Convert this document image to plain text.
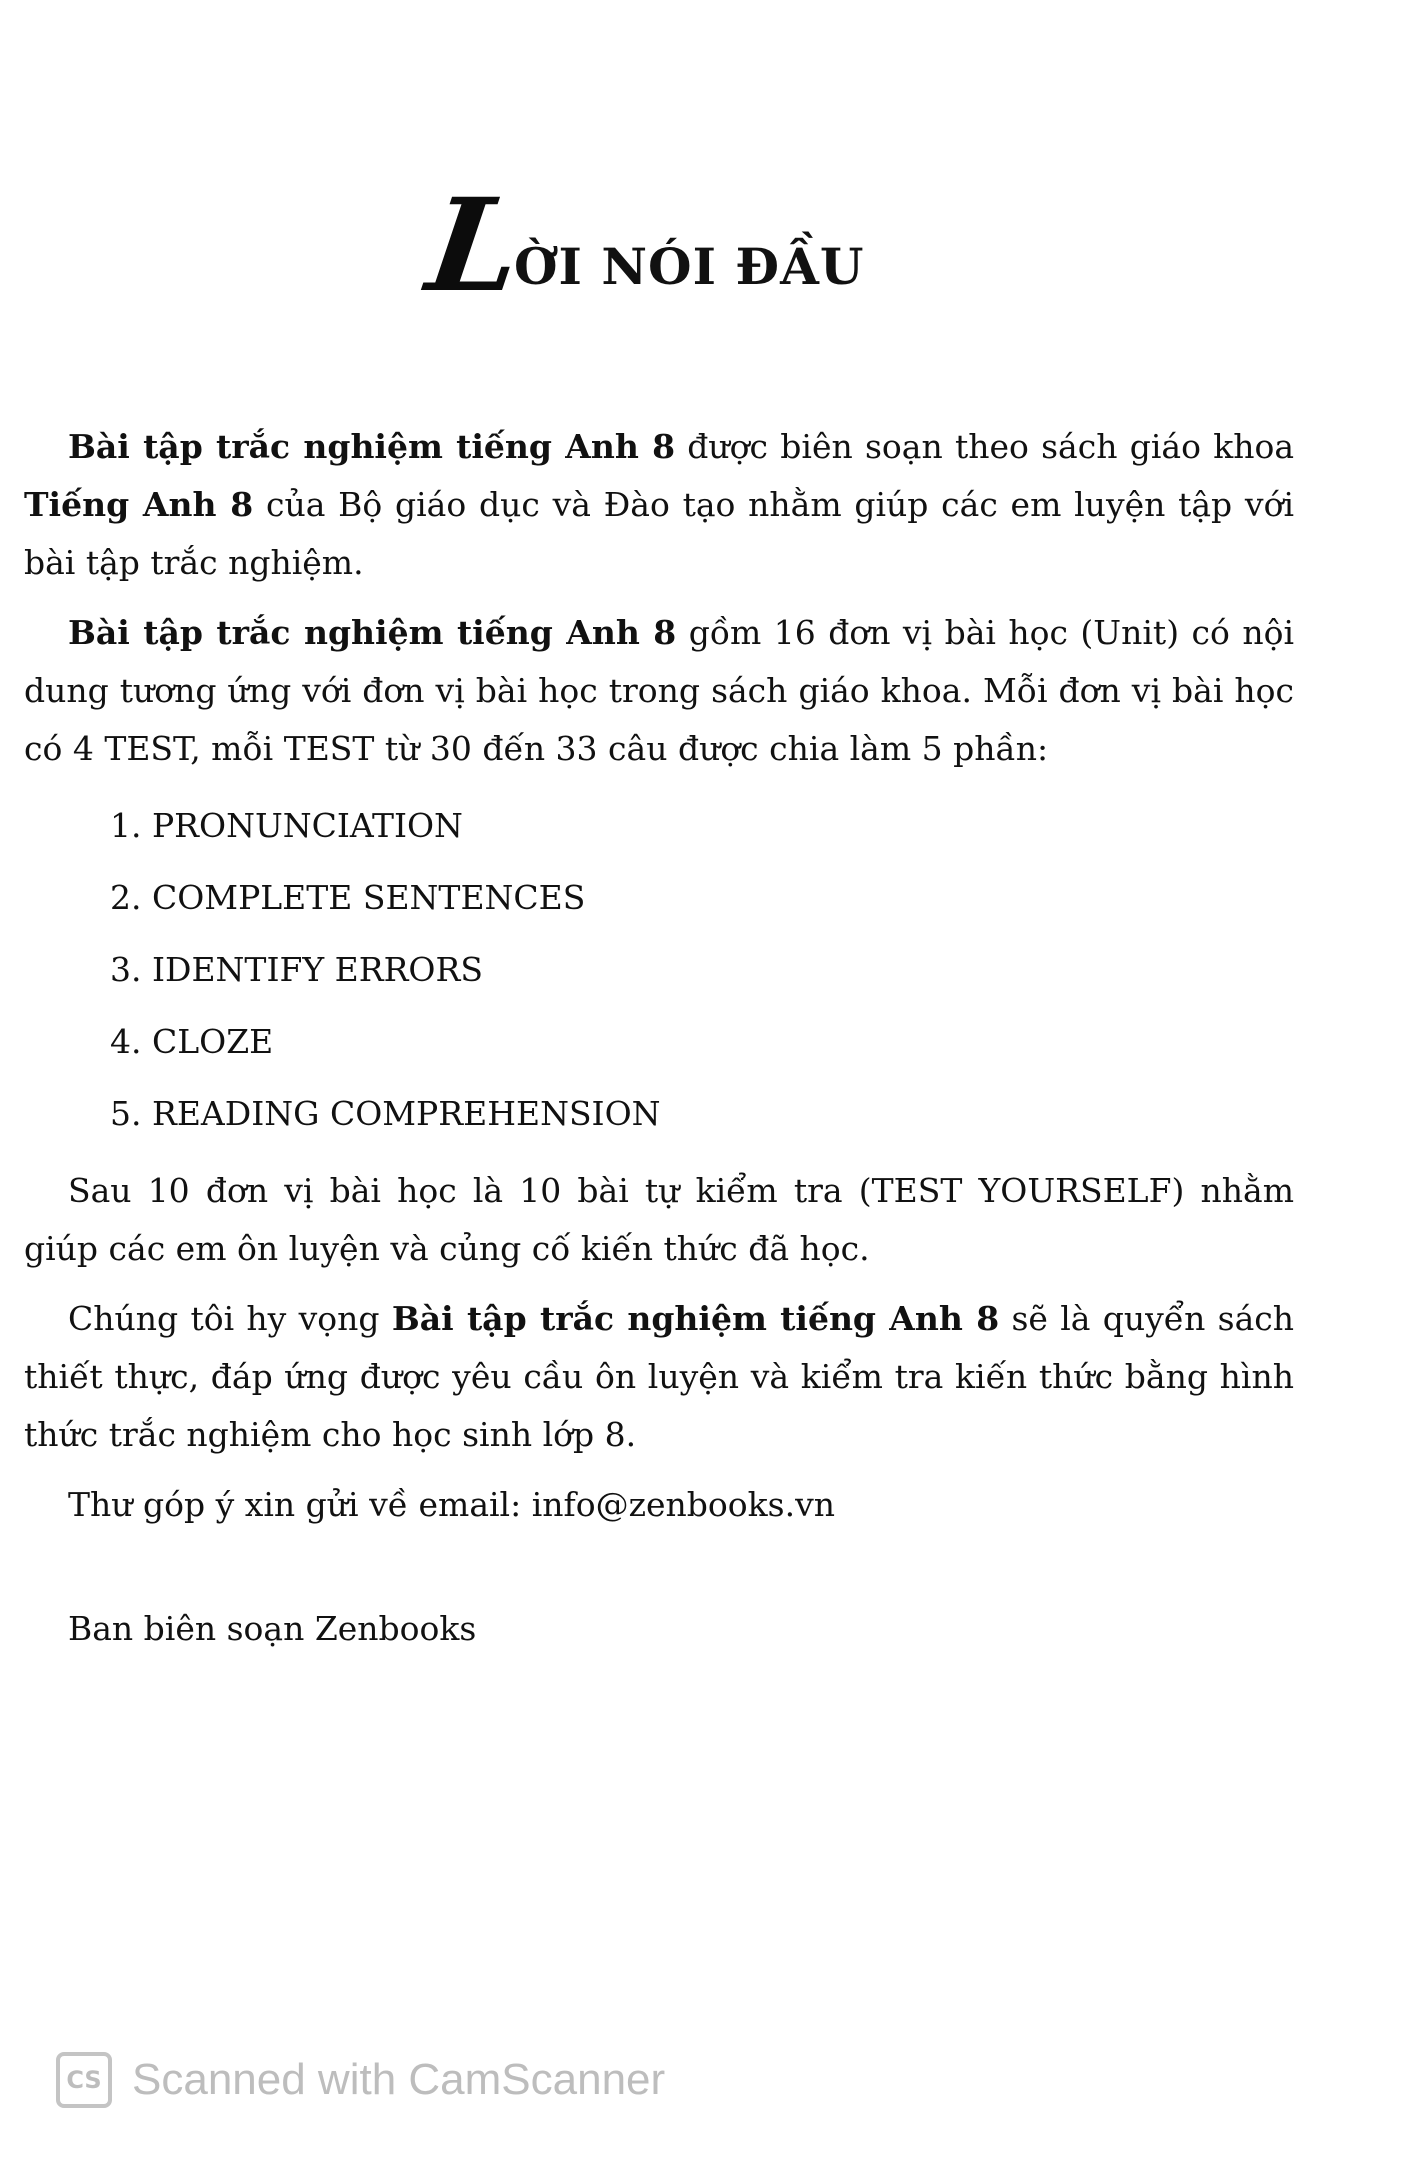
L
ỜI NÓI ĐẦU

Bài tập trắc nghiệm tiếng Anh 8 được biên soạn theo sách giáo khoa Tiếng Anh 8 của Bộ giáo dục và Đào tạo nhằm giúp các em luyện tập với bài tập trắc nghiệm.

Bài tập trắc nghiệm tiếng Anh 8 gồm 16 đơn vị bài học (Unit) có nội dung tương ứng với đơn vị bài học trong sách giáo khoa. Mỗi đơn vị bài học có 4 TEST, mỗi TEST từ 30 đến 33 câu được chia làm 5 phần:

1. PRONUNCIATION
2. COMPLETE SENTENCES
3. IDENTIFY ERRORS
4. CLOZE
5. READING COMPREHENSION

Sau 10 đơn vị bài học là 10 bài tự kiểm tra (TEST YOURSELF) nhằm giúp các em ôn luyện và củng cố kiến thức đã học.

Chúng tôi hy vọng Bài tập trắc nghiệm tiếng Anh 8 sẽ là quyển sách thiết thực, đáp ứng được yêu cầu ôn luyện và kiểm tra kiến thức bằng hình thức trắc nghiệm cho học sinh lớp 8.

Thư góp ý xin gửi về email: info@zenbooks.vn

Ban biên soạn Zenbooks

CS Scanned with CamScanner
